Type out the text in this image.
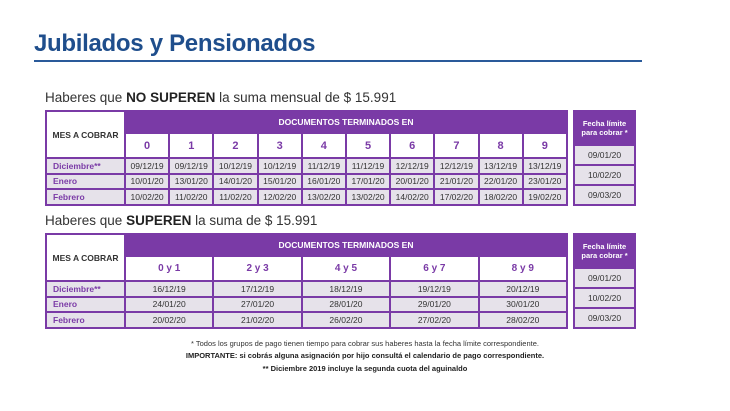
Jubilados y Pensionados
Haberes que NO SUPEREN la suma mensual de $ 15.991
MES A COBRAR	DOCUMENTOS TERMINADOS EN									
	0	1	2	3	4	5	6	7	8	9
Diciembre**	09/12/19	09/12/19	10/12/19	10/12/19	11/12/19	11/12/19	12/12/19	12/12/19	13/12/19	13/12/19
Enero	10/01/20	13/01/20	14/01/20	15/01/20	16/01/20	17/01/20	20/01/20	21/01/20	22/01/20	23/01/20
Febrero	10/02/20	11/02/20	11/02/20	12/02/20	13/02/20	13/02/20	14/02/20	17/02/20	18/02/20	19/02/20
Fecha límite
para cobrar *

09/01/20
10/02/20
09/03/20
Haberes que SUPEREN la suma de $ 15.991
MES A COBRAR	DOCUMENTOS TERMINADOS EN				
	0 y 1	2 y 3	4 y 5	6 y 7	8 y 9
Diciembre**	16/12/19	17/12/19	18/12/19	19/12/19	20/12/19
Enero	24/01/20	27/01/20	28/01/20	29/01/20	30/01/20
Febrero	20/02/20	21/02/20	26/02/20	27/02/20	28/02/20
Fecha límite
para cobrar *

09/01/20
10/02/20
09/03/20
* Todos los grupos de pago tienen tiempo para cobrar sus haberes hasta la fecha límite correspondiente.
IMPORTANTE: si cobrás alguna asignación por hijo consultá el calendario de pago correspondiente.
** Diciembre 2019 incluye la segunda cuota del aguinaldo
